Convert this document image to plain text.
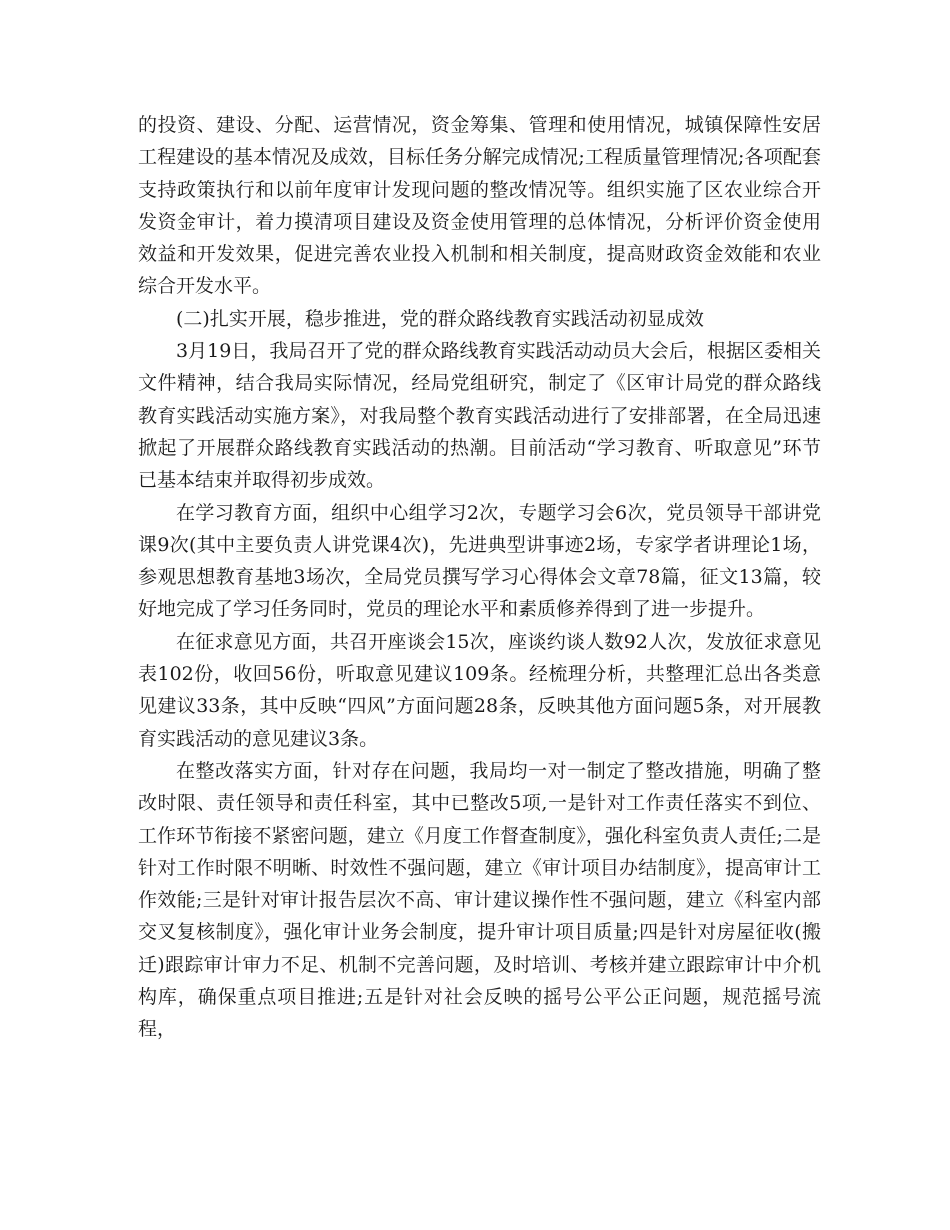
的投资、建设、分配、运营情况，资金筹集、管理和使用情况，城镇保障性安居工程建设的基本情况及成效，目标任务分解完成情况;工程质量管理情况;各项配套支持政策执行和以前年度审计发现问题的整改情况等。组织实施了区农业综合开发资金审计，着力摸清项目建设及资金使用管理的总体情况，分析评价资金使用效益和开发效果，促进完善农业投入机制和相关制度，提高财政资金效能和农业综合开发水平。

(二)扎实开展，稳步推进，党的群众路线教育实践活动初显成效

3月19日，我局召开了党的群众路线教育实践活动动员大会后，根据区委相关文件精神，结合我局实际情况，经局党组研究，制定了《区审计局党的群众路线教育实践活动实施方案》，对我局整个教育实践活动进行了安排部署，在全局迅速掀起了开展群众路线教育实践活动的热潮。目前活动“学习教育、听取意见”环节已基本结束并取得初步成效。

在学习教育方面，组织中心组学习2次，专题学习会6次，党员领导干部讲党课9次(其中主要负责人讲党课4次)，先进典型讲事迹2场，专家学者讲理论1场，参观思想教育基地3场次，全局党员撰写学习心得体会文章78篇，征文13篇，较好地完成了学习任务同时，党员的理论水平和素质修养得到了进一步提升。

在征求意见方面，共召开座谈会15次，座谈约谈人数92人次，发放征求意见表102份，收回56份，听取意见建议109条。经梳理分析，共整理汇总出各类意见建议33条，其中反映“四风”方面问题28条，反映其他方面问题5条，对开展教育实践活动的意见建议3条。

在整改落实方面，针对存在问题，我局均一对一制定了整改措施，明确了整改时限、责任领导和责任科室，其中已整改5项,一是针对工作责任落实不到位、工作环节衔接不紧密问题，建立《月度工作督查制度》，强化科室负责人责任;二是针对工作时限不明晰、时效性不强问题，建立《审计项目办结制度》，提高审计工作效能;三是针对审计报告层次不高、审计建议操作性不强问题，建立《科室内部交叉复核制度》，强化审计业务会制度，提升审计项目质量;四是针对房屋征收(搬迁)跟踪审计审力不足、机制不完善问题，及时培训、考核并建立跟踪审计中介机构库，确保重点项目推进;五是针对社会反映的摇号公平公正问题，规范摇号流程，
